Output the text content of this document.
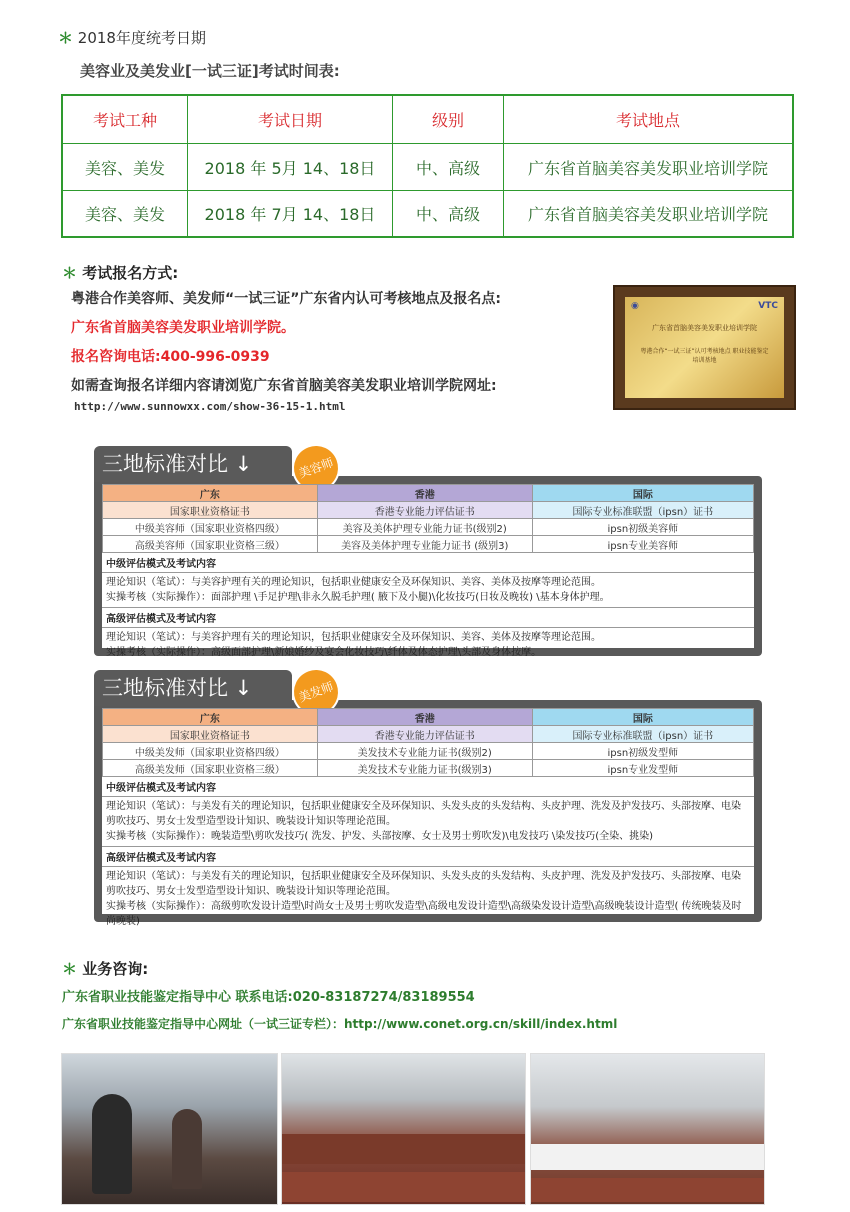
＊ 2018年度统考日期
美容业及美发业[一试三证]考试时间表:
考试工种	考试日期	级别	考试地点
美容、美发	2018 年 5月 14、18日	中、高级	广东省首脑美容美发职业培训学院
美容、美发	2018 年 7月 14、18日	中、高级	广东省首脑美容美发职业培训学院
＊ 考试报名方式:
粤港合作美容师、美发师“一试三证”广东省内认可考核地点及报名点:
广东省首脑美容美发职业培训学院。
报名咨询电话:400-996-0939
如需查询报名详细内容请浏览广东省首脑美容美发职业培训学院网址:
http://www.sunnowxx.com/show-36-15-1.html
◉	VTC
广东省首脑美容美发职业培训学院
粤港合作“一试三证”认可考核地点 职业技能鉴定培训基地
三地标准对比 ↓	美容师
广东	香港	国际
国家职业资格证书	香港专业能力评估证书	国际专业标准联盟（ipsn）证书
中级美容师（国家职业资格四级）	美容及美体护理专业能力证书(级别2)	ipsn初级美容师
高级美容师（国家职业资格三级）	美容及美体护理专业能力证书 (级别3)	ipsn专业美容师
中级评估模式及考试内容
理论知识（笔试）：与美容护理有关的理论知识，包括职业健康安全及环保知识、美容、美体及按摩等理论范围。
实操考核（实际操作）：面部护理 \手足护理\非永久脱毛护理( 腋下及小腿)\化妆技巧(日妆及晚妆) \基本身体护理。
高级评估模式及考试内容
理论知识（笔试）：与美容护理有关的理论知识，包括职业健康安全及环保知识、美容、美体及按摩等理论范围。
实操考核（实际操作）：高级面部护理\新娘婚纱及宴会化妆技巧\纤体及体态护理\头部及身体按摩。
三地标准对比 ↓	美发师
广东	香港	国际
国家职业资格证书	香港专业能力评估证书	国际专业标准联盟（ipsn）证书
中级美发师（国家职业资格四级）	美发技术专业能力证书(级别2)	ipsn初级发型师
高级美发师（国家职业资格三级）	美发技术专业能力证书(级别3)	ipsn专业发型师
中级评估模式及考试内容
理论知识（笔试）：与美发有关的理论知识，包括职业健康安全及环保知识、头发头皮的头发结构、头皮护理、洗发及护发技巧、头部按摩、电染剪吹技巧、男女士发型造型设计知识、晚装设计知识等理论范围。
实操考核（实际操作）：晚装造型\剪吹发技巧( 洗发、护发、头部按摩、女士及男士剪吹发)\电发技巧 \染发技巧(全染、挑染)
高级评估模式及考试内容
理论知识（笔试）：与美发有关的理论知识，包括职业健康安全及环保知识、头发头皮的头发结构、头皮护理、洗发及护发技巧、头部按摩、电染剪吹技巧、男女士发型造型设计知识、晚装设计知识等理论范围。
实操考核（实际操作）：高级剪吹发设计造型\时尚女士及男士剪吹发造型\高级电发设计造型\高级染发设计造型\高级晚装设计造型( 传统晚装及时尚晚装)
＊ 业务咨询:
广东省职业技能鉴定指导中心 联系电话:020-83187274/83189554
广东省职业技能鉴定指导中心网址（一试三证专栏）：http://www.conet.org.cn/skill/index.html
